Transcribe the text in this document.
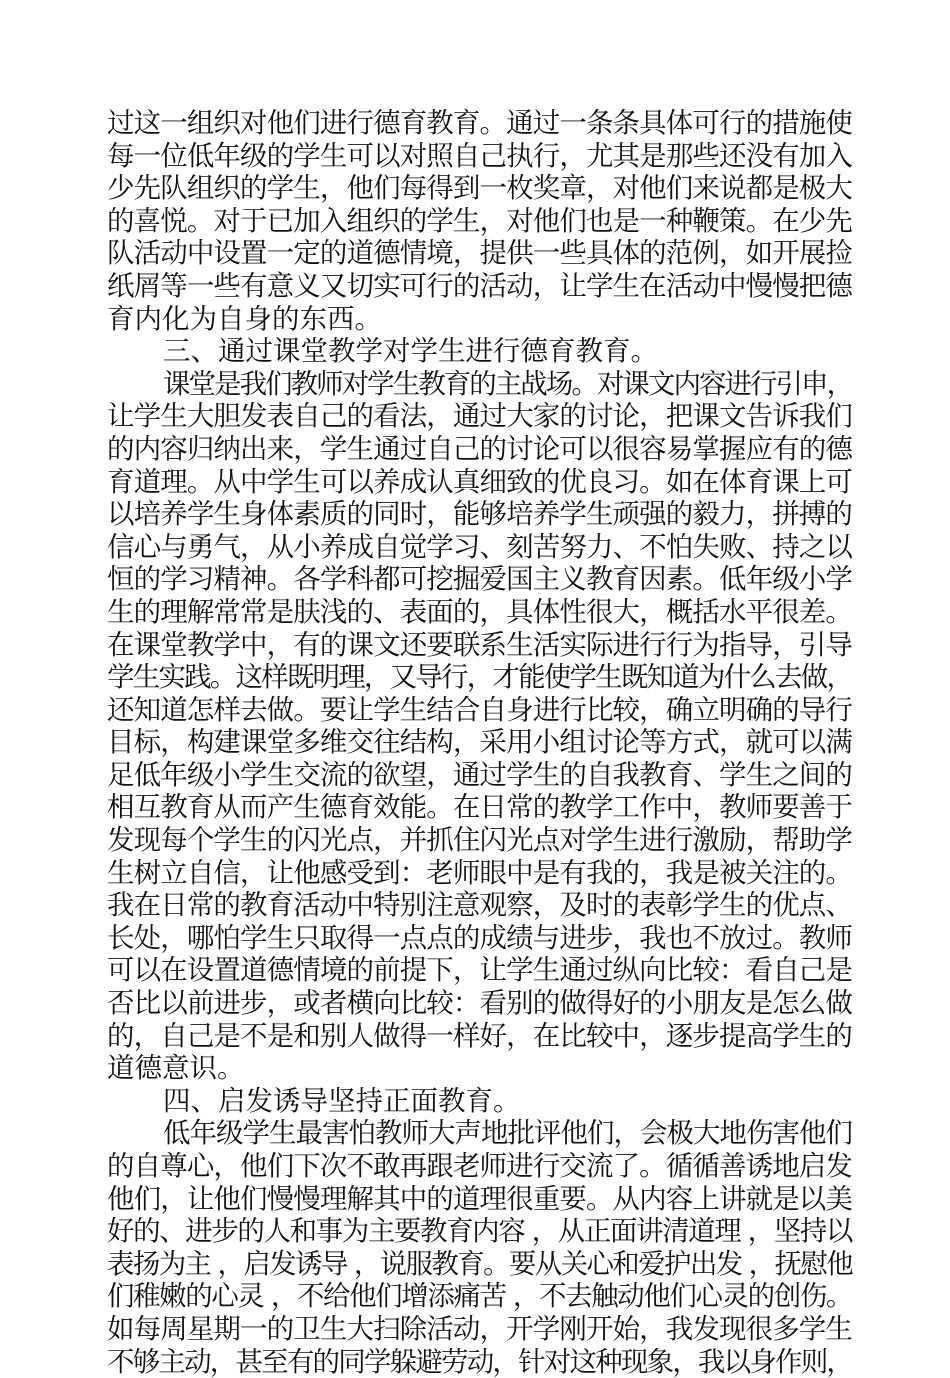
过这一组织对他们进行德育教育。通过一条条具体可行的措施使
每一位低年级的学生可以对照自己执行，尤其是那些还没有加入
少先队组织的学生，他们每得到一枚奖章，对他们来说都是极大
的喜悦。对于已加入组织的学生，对他们也是一种鞭策。在少先
队活动中设置一定的道德情境，提供一些具体的范例，如开展捡
纸屑等一些有意义又切实可行的活动，让学生在活动中慢慢把德
育内化为自身的东西。
三、通过课堂教学对学生进行德育教育。
课堂是我们教师对学生教育的主战场。对课文内容进行引申，
让学生大胆发表自己的看法，通过大家的讨论，把课文告诉我们
的内容归纳出来，学生通过自己的讨论可以很容易掌握应有的德
育道理。从中学生可以养成认真细致的优良习。如在体育课上可
以培养学生身体素质的同时，能够培养学生顽强的毅力，拼搏的
信心与勇气，从小养成自觉学习、刻苦努力、不怕失败、持之以
恒的学习精神。各学科都可挖掘爱国主义教育因素。低年级小学
生的理解常常是肤浅的、表面的，具体性很大，概括水平很差。
在课堂教学中，有的课文还要联系生活实际进行行为指导，引导
学生实践。这样既明理，又导行，才能使学生既知道为什么去做，
还知道怎样去做。要让学生结合自身进行比较，确立明确的导行
目标，构建课堂多维交往结构，采用小组讨论等方式，就可以满
足低年级小学生交流的欲望，通过学生的自我教育、学生之间的
相互教育从而产生德育效能。在日常的教学工作中，教师要善于
发现每个学生的闪光点，并抓住闪光点对学生进行激励，帮助学
生树立自信，让他感受到：老师眼中是有我的，我是被关注的。
我在日常的教育活动中特别注意观察，及时的表彰学生的优点、
长处，哪怕学生只取得一点点的成绩与进步，我也不放过。教师
可以在设置道德情境的前提下，让学生通过纵向比较：看自己是
否比以前进步，或者横向比较：看别的做得好的小朋友是怎么做
的，自己是不是和别人做得一样好，在比较中，逐步提高学生的
道德意识。
四、启发诱导坚持正面教育。
低年级学生最害怕教师大声地批评他们，会极大地伤害他们
的自尊心，他们下次不敢再跟老师进行交流了。循循善诱地启发
他们，让他们慢慢理解其中的道理很重要。从内容上讲就是以美
好的、进步的人和事为主要教育内容 ，从正面讲清道理 ，坚持以
表扬为主 ，启发诱导 ，说服教育。要从关心和爱护出发 ，抚慰他
们稚嫩的心灵 ，不给他们增添痛苦 ，不去触动他们心灵的创伤。
如每周星期一的卫生大扫除活动，开学刚开始，我发现很多学生
不够主动，甚至有的同学躲避劳动，针对这种现象，我以身作则，
